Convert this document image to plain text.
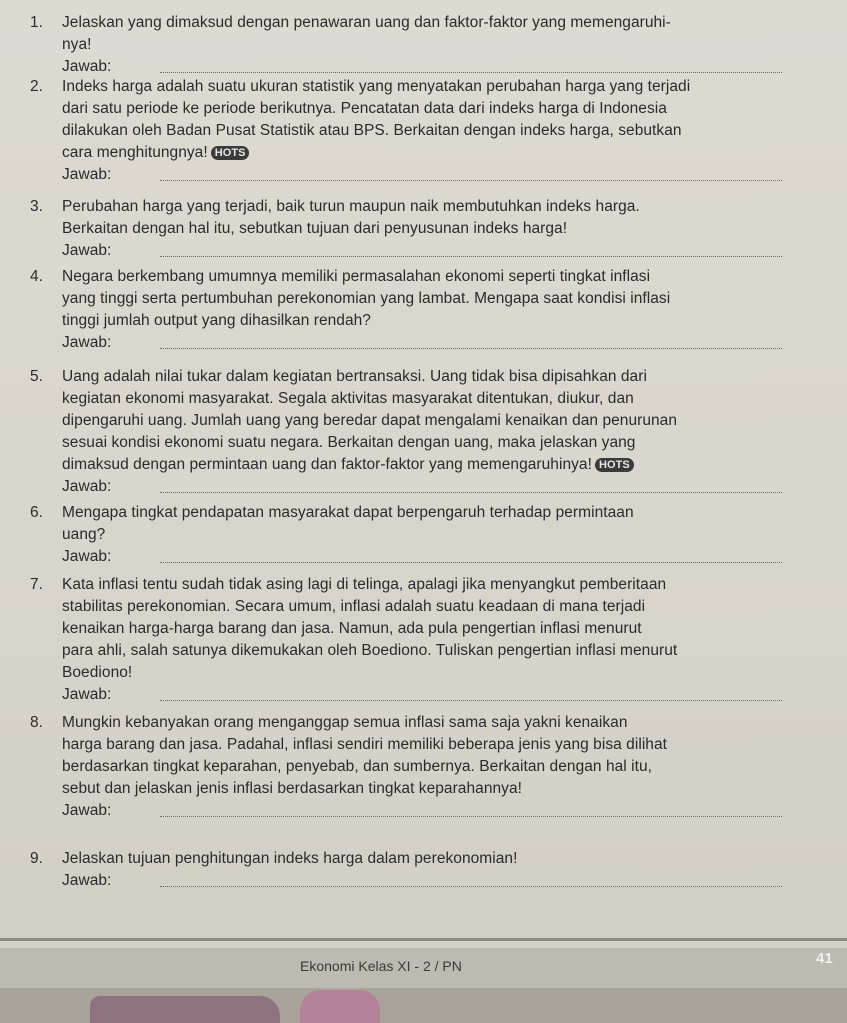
1. Jelaskan yang dimaksud dengan penawaran uang dan faktor-faktor yang memengaruhi-
nya!
Jawab:
2. Indeks harga adalah suatu ukuran statistik yang menyatakan perubahan harga yang terjadi
dari satu periode ke periode berikutnya. Pencatatan data dari indeks harga di Indonesia
dilakukan oleh Badan Pusat Statistik atau BPS. Berkaitan dengan indeks harga, sebutkan
cara menghitungnya! HOTS
Jawab:
3. Perubahan harga yang terjadi, baik turun maupun naik membutuhkan indeks harga.
Berkaitan dengan hal itu, sebutkan tujuan dari penyusunan indeks harga!
Jawab:
4. Negara berkembang umumnya memiliki permasalahan ekonomi seperti tingkat inflasi
yang tinggi serta pertumbuhan perekonomian yang lambat. Mengapa saat kondisi inflasi
tinggi jumlah output yang dihasilkan rendah?
Jawab:
5. Uang adalah nilai tukar dalam kegiatan bertransaksi. Uang tidak bisa dipisahkan dari
kegiatan ekonomi masyarakat. Segala aktivitas masyarakat ditentukan, diukur, dan
dipengaruhi uang. Jumlah uang yang beredar dapat mengalami kenaikan dan penurunan
sesuai kondisi ekonomi suatu negara. Berkaitan dengan uang, maka jelaskan yang
dimaksud dengan permintaan uang dan faktor-faktor yang memengaruhinya! HOTS
Jawab:
6. Mengapa tingkat pendapatan masyarakat dapat berpengaruh terhadap permintaan
uang?
Jawab:
7. Kata inflasi tentu sudah tidak asing lagi di telinga, apalagi jika menyangkut pemberitaan
stabilitas perekonomian. Secara umum, inflasi adalah suatu keadaan di mana terjadi
kenaikan harga-harga barang dan jasa. Namun, ada pula pengertian inflasi menurut
para ahli, salah satunya dikemukakan oleh Boediono. Tuliskan pengertian inflasi menurut
Boediono!
Jawab:
8. Mungkin kebanyakan orang menganggap semua inflasi sama saja yakni kenaikan
harga barang dan jasa. Padahal, inflasi sendiri memiliki beberapa jenis yang bisa dilihat
berdasarkan tingkat keparahan, penyebab, dan sumbernya. Berkaitan dengan hal itu,
sebut dan jelaskan jenis inflasi berdasarkan tingkat keparahannya!
Jawab:
9. Jelaskan tujuan penghitungan indeks harga dalam perekonomian!
Jawab:
Ekonomi Kelas XI - 2 / PN	41
